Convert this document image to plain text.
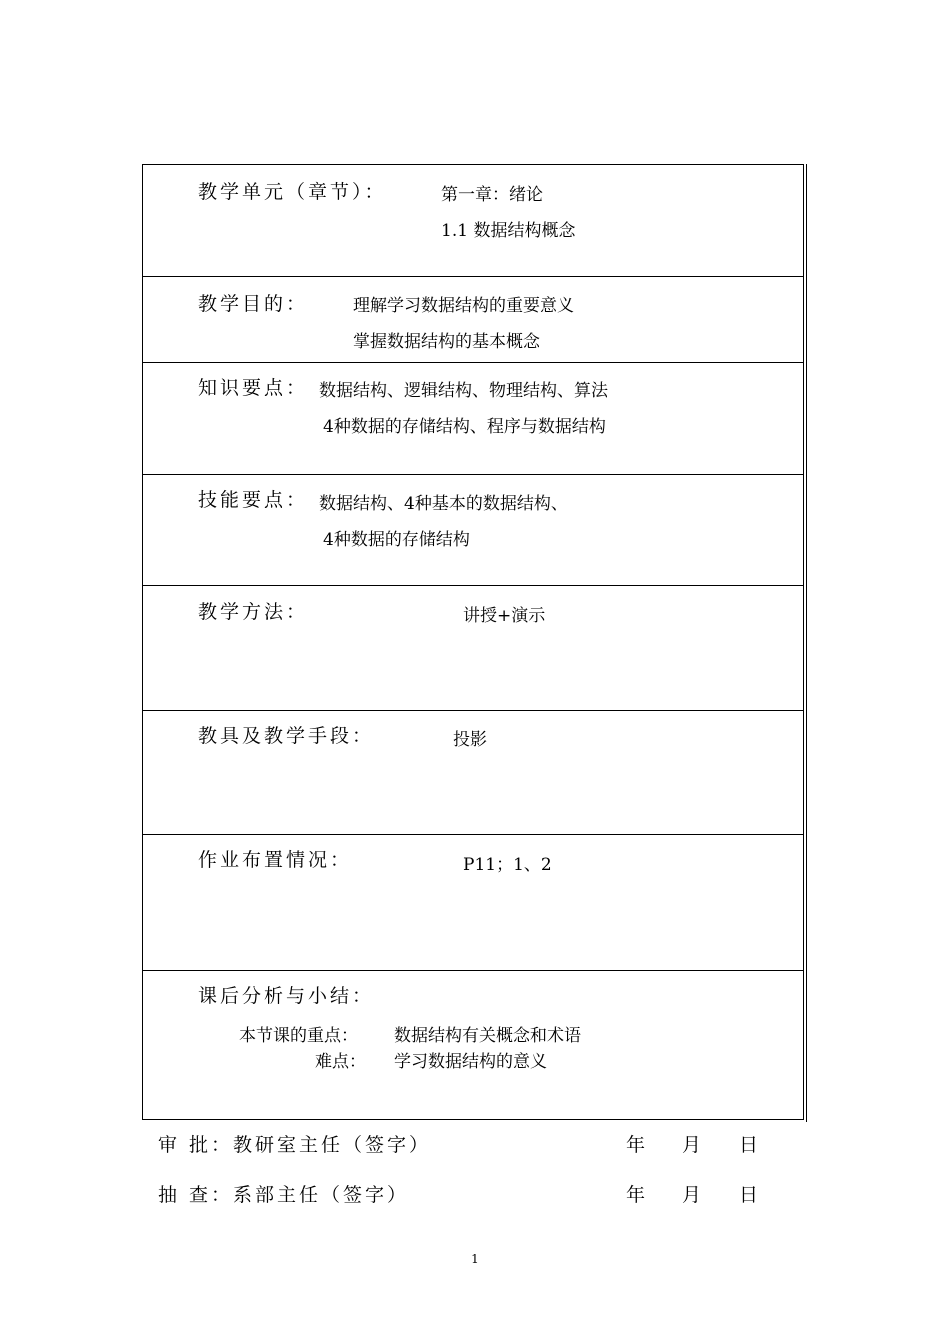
教学单元（章节）：	第一章：绪论
1.1 数据结构概念
教学目的：	理解学习数据结构的重要意义
掌握数据结构的基本概念
知识要点： 数据结构、逻辑结构、物理结构、算法
4种数据的存储结构、程序与数据结构
技能要点： 数据结构、4种基本的数据结构、
4种数据的存储结构
教学方法：	讲授+演示
教具及教学手段：	投影
作业布置情况：	P11；1、2
课后分析与小结：
本节课的重点： 数据结构有关概念和术语
难点： 学习数据结构的意义
审 批：教研室主任（签字）	年 月 日
抽 查：系部主任（签字）	年 月 日
1
